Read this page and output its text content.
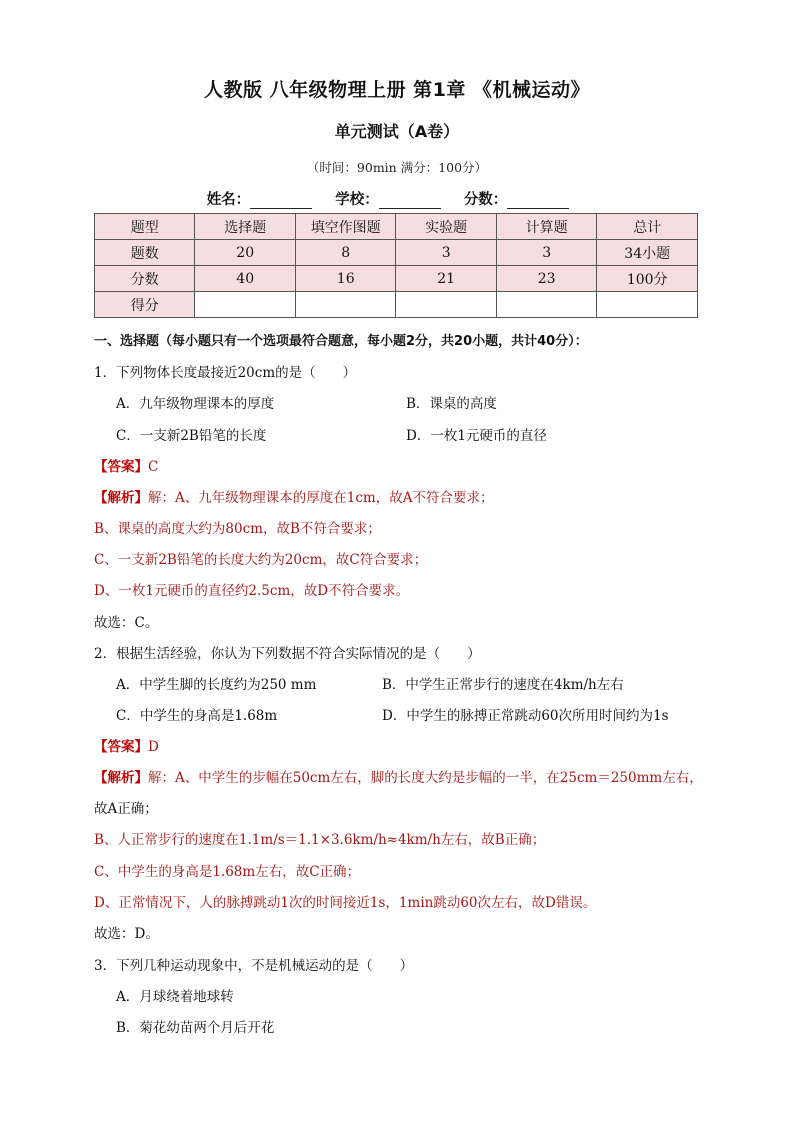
人教版 八年级物理上册 第1章 《机械运动》
单元测试（A卷）
（时间：90min 满分：100分）
姓名：	学校：	分数：
题型	选择题	填空作图题	实验题	计算题	总计
题数	20	8	3	3	34小题
分数	40	16	21	23	100分
得分					
一、选择题（每小题只有一个选项最符合题意，每小题2分，共20小题，共计40分）：
1．下列物体长度最接近20cm的是（　　）
A．九年级物理课本的厚度	B．课桌的高度
C．一支新2B铅笔的长度	D．一枚1元硬币的直径
【答案】C
【解析】解：A、九年级物理课本的厚度在1cm，故A不符合要求；
B、课桌的高度大约为80cm，故B不符合要求；
C、一支新2B铅笔的长度大约为20cm，故C符合要求；
D、一枚1元硬币的直径约2.5cm，故D不符合要求。
故选：C。
2．根据生活经验，你认为下列数据不符合实际情况的是（　　）
A．中学生脚的长度约为250 mm	B．中学生正常步行的速度在4km/h左右
C．中学生的身高是1.68m	D．中学生的脉搏正常跳动60次所用时间约为1s
【答案】D
【解析】解：A、中学生的步幅在50cm左右，脚的长度大约是步幅的一半，在25cm＝250mm左右，
故A正确；
B、人正常步行的速度在1.1m/s＝1.1×3.6km/h≈4km/h左右，故B正确；
C、中学生的身高是1.68m左右，故C正确；
D、正常情况下，人的脉搏跳动1次的时间接近1s，1min跳动60次左右，故D错误。
故选：D。
3．下列几种运动现象中，不是机械运动的是（　　）
A．月球绕着地球转
B．菊花幼苗两个月后开花
